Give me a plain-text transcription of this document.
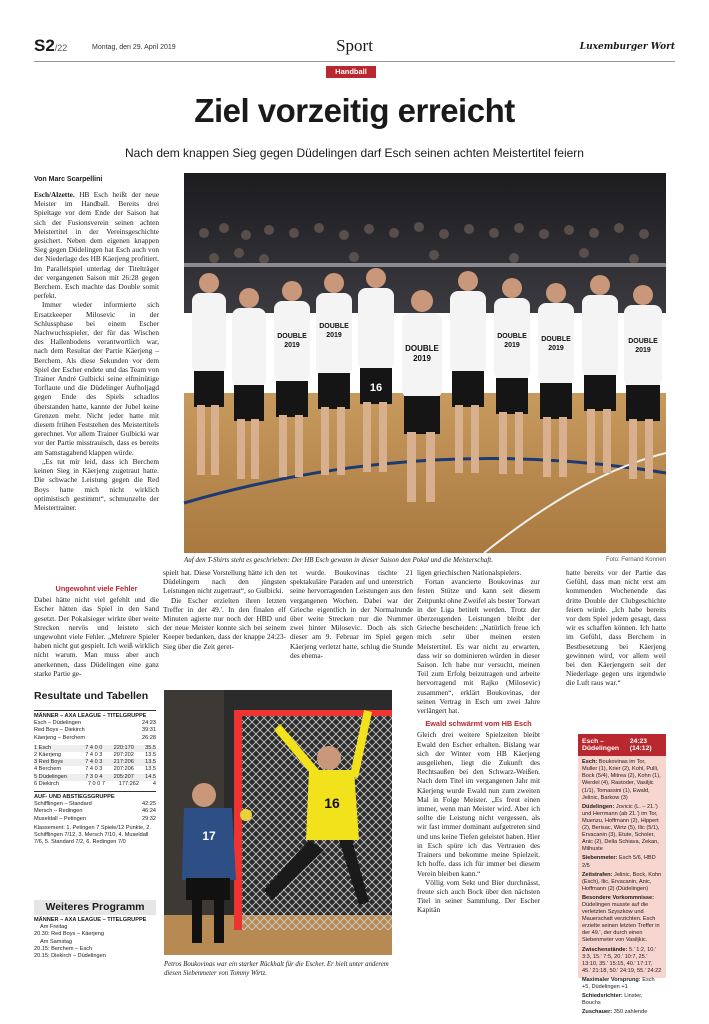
S2/22	Montag, den 29. April 2019	Sport	Luxemburger Wort
Handball
Ziel vorzeitig erreicht
Nach dem knappen Sieg gegen Düdelingen darf Esch seinen achten Meistertitel feiern
Von Marc Scarpellini

Esch/Alzette. HB Esch heißt der neue Meister im Handball. Bereits drei Spieltage vor dem Ende der Saison hat sich der Fusionsverein seinen achten Meistertitel in der Vereinsgeschichte gesichert. Neben dem eigenen knappen Sieg gegen Düdelingen hat Esch auch von der Niederlage des HB Käerjeng profitiert. Im Parallelspiel unterlag der Titelträger der vergangenen Saison mit 26:28 gegen Berchem. Esch machte das Double somit perfekt.

Immer wieder informierte sich Ersatzkeeper Milosevic in der Schlussphase bei einem Escher Nachwuchsspieler, der für das Wischen des Hallenbodens verantwortlich war, nach dem Resultat der Partie Käerjeng – Berchem. Als diese Sekunden vor dem Spiel der Escher endete und das Team von Trainer André Gulbicki seine elfminütige Torflaute und die Düdelinger Aufholjagd gegen Ende des Spiels schadlos überstanden hatte, kannte der Jubel keine Grenzen mehr. Nicht jeder hatte mit diesem frühen Feststehen des Meistertitels gerechnet. Vor allem Trainer Gulbicki war vor der Partie misstrauisch, dass es bereits am Samstagabend klappen würde.

„Es tut mir leid, dass ich Berchem keinen Sieg in Käerjeng zugetraut hatte. Die schwache Leistung gegen die Red Boys hatte mich nicht wirklich optimistisch gestimmt“, schmunzelte der Meistertrainer.

Ungewohnt viele Fehler

Dabei hätte nicht viel gefehlt und die Escher hätten das Spiel in den Sand gesetzt. Der Pokalsieger wirkte über weite Strecken nervös und leistete sich ungewohnt viele Fehler. „Mehrere Spieler haben nicht gut gespielt. Ich weiß wirklich nicht warum. Man muss aber auch anerkennen, dass Düdelingen eine ganz starke Partie ge-

DOUBLE
2019
DOUBLE
2019
16
DOUBLE
2019
DOUBLE
2019
DOUBLE
2019
DOUBLE
2019
Auf den T-Shirts steht es geschrieben: Der HB Esch gewann in dieser Saison den Pokal und die Meisterschaft.	Foto: Fernand Konnen

spielt hat. Diese Vorstellung hätte ich den Düdelingern nach den jüngsten Leistungen nicht zugetraut“, so Gulbicki.

Die Escher erzielten ihren letzten Treffer in der 49.'. In den finalen elf Minuten agierte nur noch der HBD und der neue Meister konnte sich bei seinem Keeper bedanken, dass der knappe 24:23-Sieg über die Zeit geret-

tet wurde. Boukovinas tischte 21 spektakuläre Paraden auf und unterstrich seine hervorragenden Leistungen aus den vergangenen Wochen. Dabei war der Grieche eigentlich in der Normalrunde über weite Strecken nur die Nummer zwei hinter Milosevic. Doch als sich dieser am 9. Februar im Spiel gegen Käerjeng verletzt hatte, schlug die Stunde des ehema-

ligen griechischen Nationalspielers.

Fortan avancierte Boukovinas zur festen Stütze und kann seit diesem Zeitpunkt ohne Zweifel als bester Torwart in der Liga betitelt werden. Trotz der überzeugenden Leistungen bleibt der Grieche bescheiden: „Natürlich freue ich mich sehr über meinen ersten Meistertitel. Es war nicht zu erwarten, dass wir so dominieren würden in dieser Saison. Ich habe nur versucht, meinen Teil zum Erfolg beizutragen und arbeite hervorragend mit Rajko (Milosevic) zusammen“, erklärt Boukovinas, der seinen Vertrag in Esch um zwei Jahre verlängert hat.

Ewald schwärmt vom HB Esch

Gleich drei weitere Spielzeiten bleibt Ewald den Escher erhalten. Bislang war sich der Winter vom HB Käerjeng ausgeliehen, liegt die Zukunft des Rechtsaußen bei den Schwarz-Weißen. Nach dem Titel im vergangenen Jahr mit Käerjeng wurde Ewald nun zum zweiten Mal in Folge Meister. „Es freut einen immer, wenn man Meister wird. Aber ich sollte die Leistung nicht vergessen, als wir fast immer dominant aufgetreten sind und uns keine Tiefen geleistet haben. Hier in Esch spüre ich das Vertrauen des Trainers und bekomme meine Spielzeit. Ich hoffe, dass ich für immer bei diesem Verein bleiben kann.“

Völlig vom Sekt und Bier durchnässt, freute sich auch Bock über den nächsten Titel in seiner Sammlung. Der Escher Kapitän

hatte bereits vor der Partie das Gefühl, dass man nicht erst am kommenden Wochenende das dritte Double der Clubgeschichte feiern würde. „Ich habe bereits vor dem Spiel jedem gesagt, dass wir es schaffen können. Ich hatte im Gefühl, dass Berchem in Bestbesetzung bei Käerjeng gewinnen wird, vor allem weil bei den Käerjengern seit der Niederlage gegen uns irgendwie die Luft raus war.“

Resultate und Tabellen
MÄNNER – AXA LEAGUE – TITELGRUPPE
Esch – Düdelingen	24:23
Red Boys – Diekirch	39:31
Käerjeng – Berchem	26:28
1 Esch	7 4 0 0 220:170 35.5
2 Käerjeng	7 4 0 3 207:202 13.5
3 Red Boys	7 4 0 3 217:206 13.5
4 Berchem	7 4 0 3 207:206 13.5
5 Düdelingen	7 3 0 4 205:207 14.5
6 Diekirch	7 0 0 7 177:262 4
AUF- UND ABSTIEGSGRUPPE
Schifflingen – Standard	42:25
Mersch – Redingen	46:24
Museldall – Petingen	29:32
Klassement: 1. Petingen 7 Spiele/12 Punkte, 2. Schifflingen 7/12, 3. Mersch 7/10, 4. Museldall 7/6, 5. Standard 7/2, 6. Redingen 7/0
Weiteres Programm
MÄNNER – AXA LEAGUE – TITELGRUPPE
Am Freitag
20.30: Red Boys – Käerjeng
Am Samstag
20.15: Berchem – Esch
20.15: Diekirch – Düdelingen
16
17
Petros Boukovinas war ein starker Rückhalt für die Escher. Er hielt unter anderem diesen Siebenmeter von Tommy Wirtz.
Esch – Düdelingen
24:23 (14:12)

Esch: Boukovinas im Tor, Muller (1), Krier (2), Kohl, Pulli, Bock (5/4), Mitrea (2), Kohn (1), Werdel (4), Rastoder, Vasiljic (1/1), Tomassini (1), Ewald, Jelinic, Barkow (3)

Düdelingen: Jovicic (L. – 21.') und Herrmann (ab 21.') im Tor, Muenzu, Hoffmann (2), Hippert (2), Berisac, Wirtz (5), Ilic (5/1), Ervacanin (3), Etute, Scholer, Anic (2), Della Schiava, Zekan, Milhuste

Siebenmeter: Esch 5/6, HBD 2/5

Zeitstrafen: Jelinic, Bock, Kohn (Esch), Ilic, Ervacanin, Anic, Hoffmann (2) (Düdelingen)

Besondere Vorkommnisse: Düdelingen musste auf die verletzten Szyszkow und Mauerschatt verzichten. Esch erzielte seinen letzten Treffer in der 49.', der durch einen Siebenmeter von Vasiljkic.

Zwischenstände: 5.' 1:2, 10.' 3:3, 15.' 7:5, 20.' 10:7, 25.' 13:10, 35.' 15:15, 40.' 17:17, 45.' 21:18, 50.' 24:19, 55.' 24:22

Maximaler Vorsprung: Esch +5, Düdelingen +1

Schiedsrichter: Linster, Bouchs

Zuschauer: 350 zahlende
